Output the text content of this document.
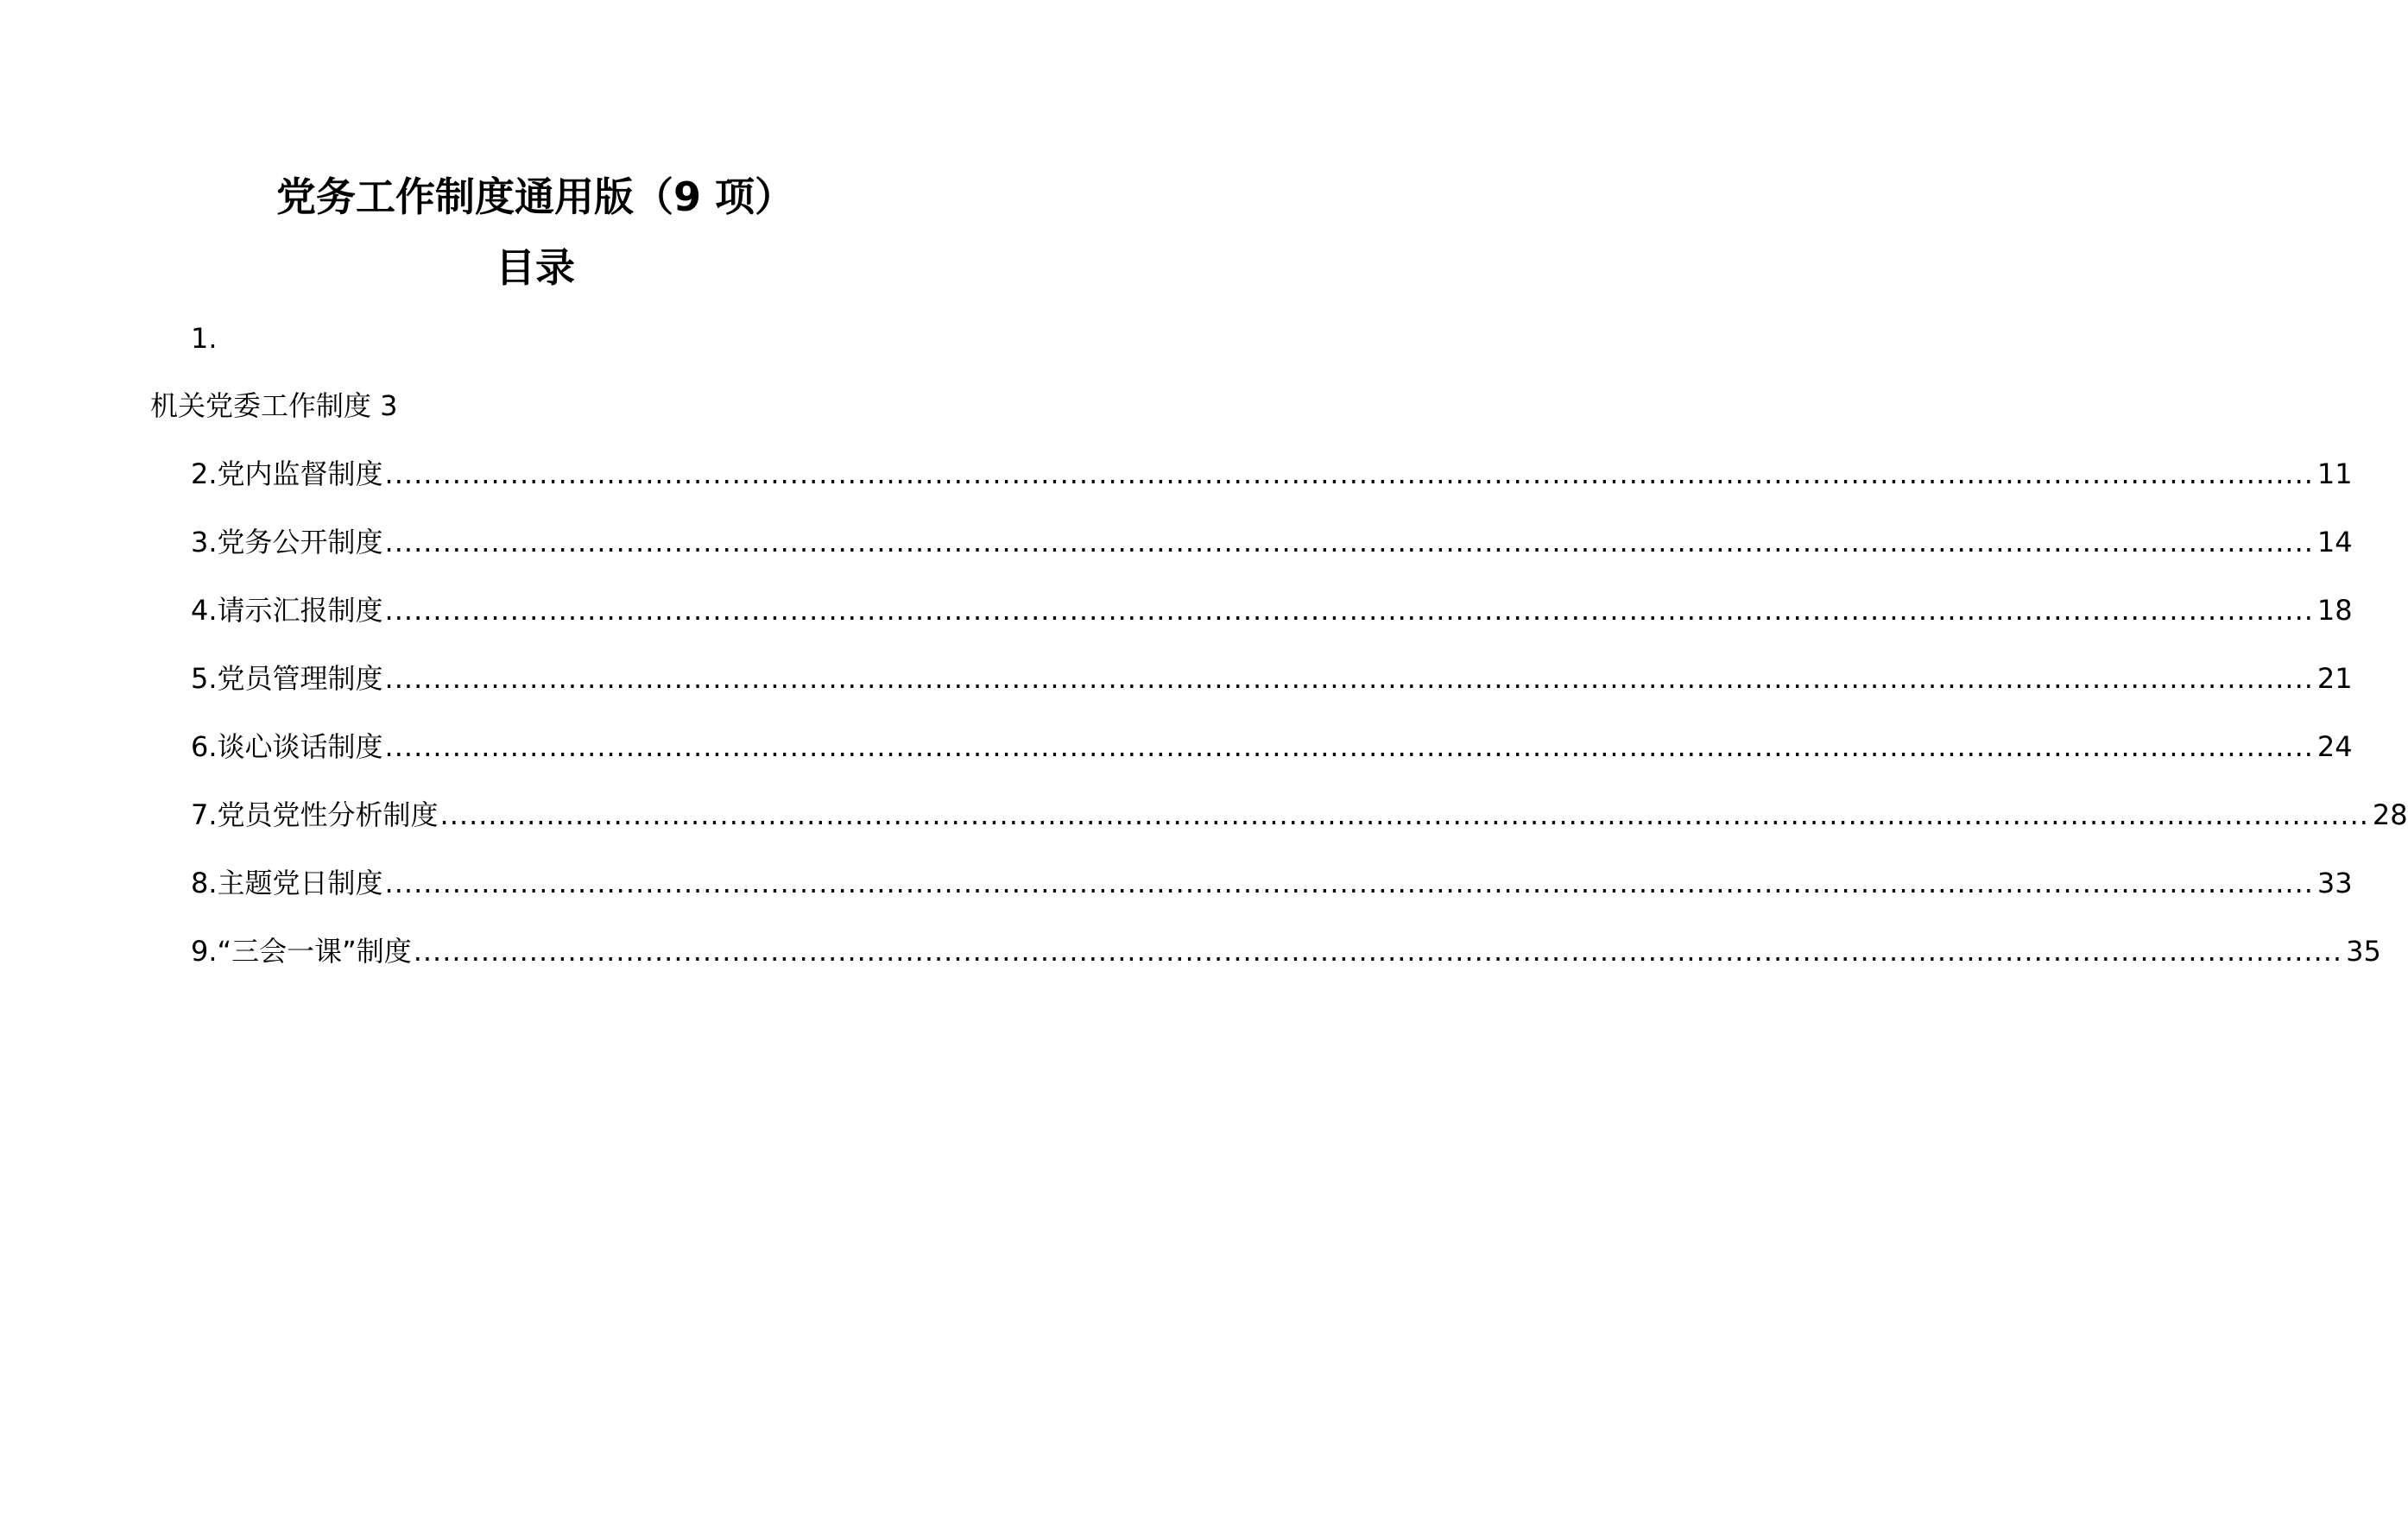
党务工作制度通用版（9 项）
目录
1.
机关党委工作制度 3
2.党内监督制度 ........................................................................................................................................................................................................ 11
3.党务公开制度 ........................................................................................................................................................................................................ 14
4.请示汇报制度 ........................................................................................................................................................................................................ 18
5.党员管理制度 ........................................................................................................................................................................................................ 21
6.谈心谈话制度 ........................................................................................................................................................................................................ 24
7.党员党性分析制度 ........................................................................................................................................................................................................ 28
8.主题党日制度 ........................................................................................................................................................................................................ 33
9.“三会一课”制度 ........................................................................................................................................................................................................ 35
